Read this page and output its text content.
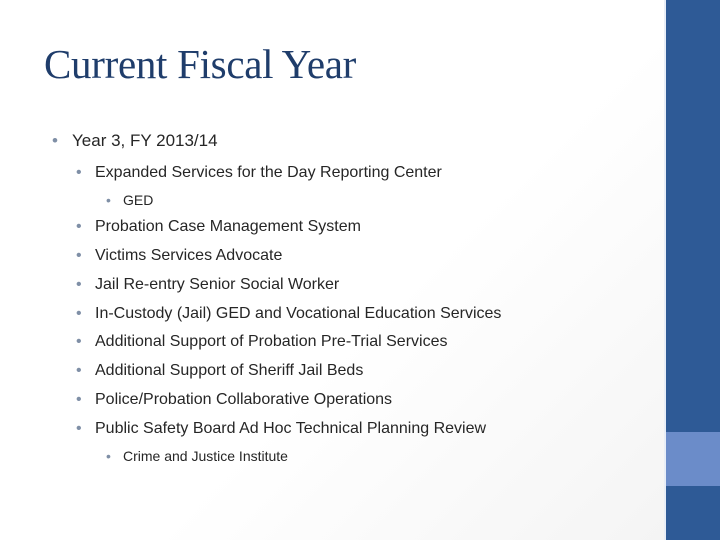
Current Fiscal Year
• Year 3, FY 2013/14
• Expanded Services for the Day Reporting Center
• GED
• Probation Case Management System
• Victims Services Advocate
• Jail Re-entry Senior Social Worker
• In-Custody (Jail) GED and Vocational Education Services
• Additional Support of Probation Pre-Trial Services
• Additional Support of Sheriff Jail Beds
• Police/Probation Collaborative Operations
• Public Safety Board Ad Hoc Technical Planning Review
• Crime and Justice Institute
